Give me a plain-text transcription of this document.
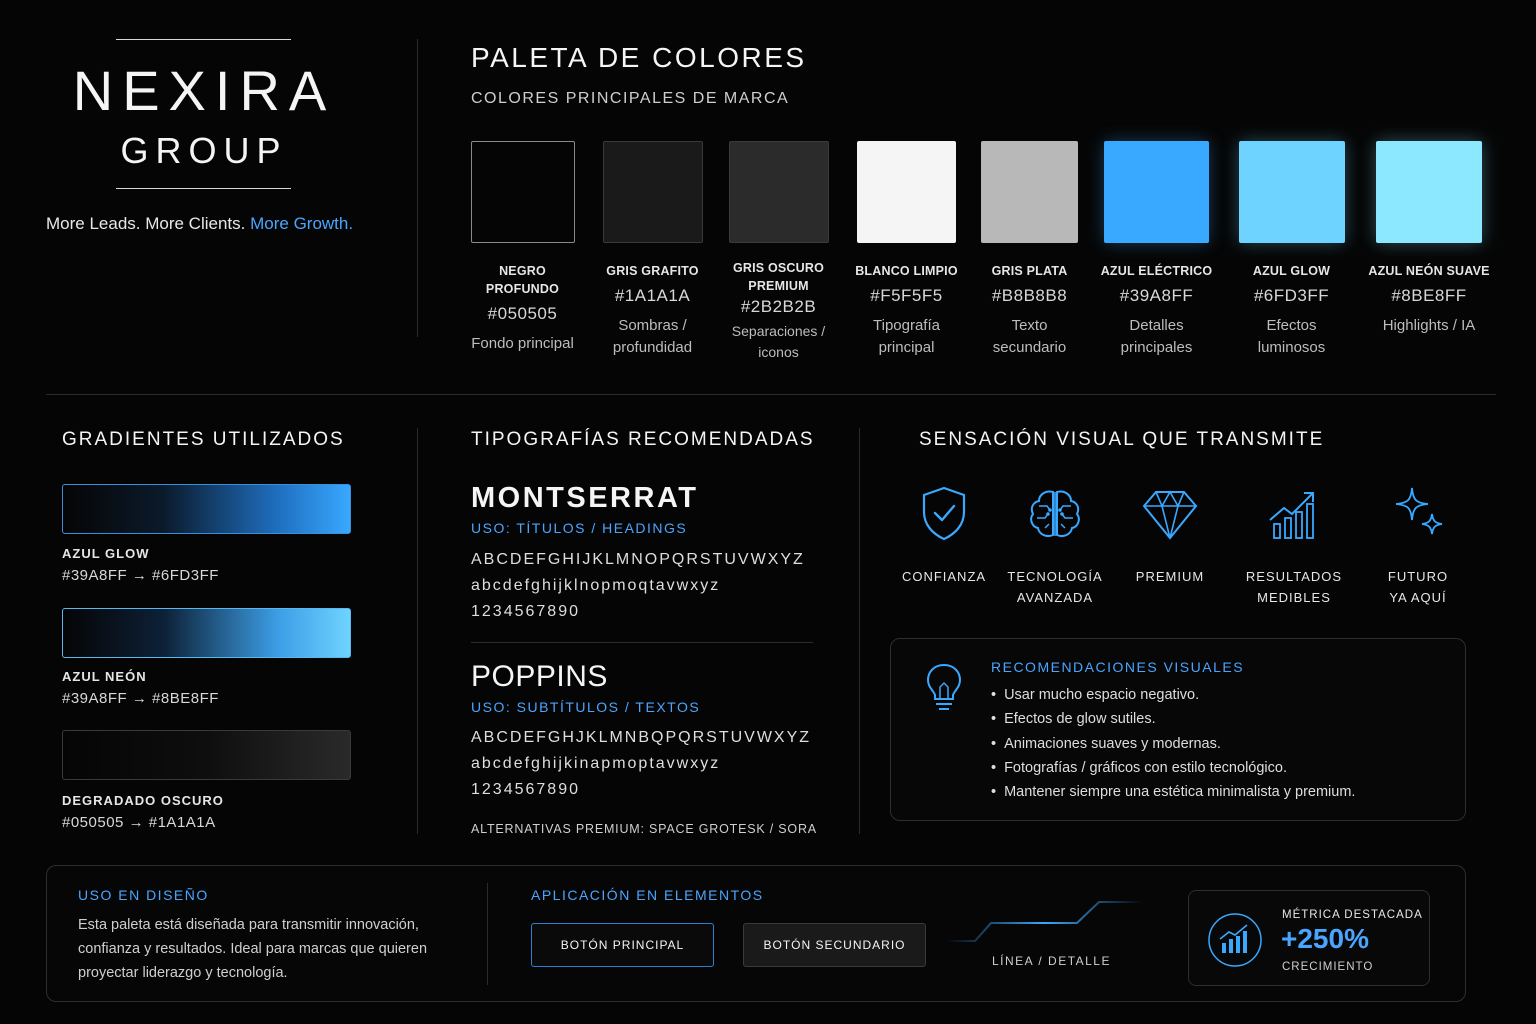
NEXIRA
GROUP
More Leads. More Clients. More Growth.
PALETA DE COLORES
COLORES PRINCIPALES DE MARCA
NEGRO PROFUNDO
#050505
Fondo principal
GRIS GRAFITO
#1A1A1A
Sombras / profundidad
GRIS OSCURO PREMIUM
#2B2B2B
Separaciones / iconos
BLANCO LIMPIO
#F5F5F5
Tipografía principal
GRIS PLATA
#B8B8B8
Texto secundario
AZUL ELÉCTRICO
#39A8FF
Detalles principales
AZUL GLOW
#6FD3FF
Efectos luminosos
AZUL NEÓN SUAVE
#8BE8FF
Highlights / IA
GRADIENTES UTILIZADOS
AZUL GLOW
#39A8FF → #6FD3FF
AZUL NEÓN
#39A8FF → #8BE8FF
DEGRADADO OSCURO
#050505 → #1A1A1A
TIPOGRAFÍAS RECOMENDADAS
MONTSERRAT
USO: TÍTULOS / HEADINGS
ABCDEFGHIJKLMNOPQRSTUVWXYZ
abcdefghijklnopmoqtavwxyz
1234567890
POPPINS
USO: SUBTÍTULOS / TEXTOS
ABCDEFGHJKLMNBQPQRSTUVWXYZ
abcdefghijkinapmoptavwxyz
1234567890
ALTERNATIVAS PREMIUM: SPACE GROTESK / SORA
SENSACIÓN VISUAL QUE TRANSMITE
CONFIANZA	TECNOLOGÍA
AVANZADA
PREMIUM	RESULTADOS
MEDIBLES
FUTURO
YA AQUÍ
RECOMENDACIONES VISUALES
• Usar mucho espacio negativo.
• Efectos de glow sutiles.
• Animaciones suaves y modernas.
• Fotografías / gráficos con estilo tecnológico.
• Mantener siempre una estética minimalista y premium.
USO EN DISEÑO
Esta paleta está diseñada para transmitir innovación, confianza y resultados. Ideal para marcas que quieren proyectar liderazgo y tecnología.
APLICACIÓN EN ELEMENTOS
BOTÓN PRINCIPAL	BOTÓN SECUNDARIO
LÍNEA / DETALLE
MÉTRICA DESTACADA
+250%
CRECIMIENTO
